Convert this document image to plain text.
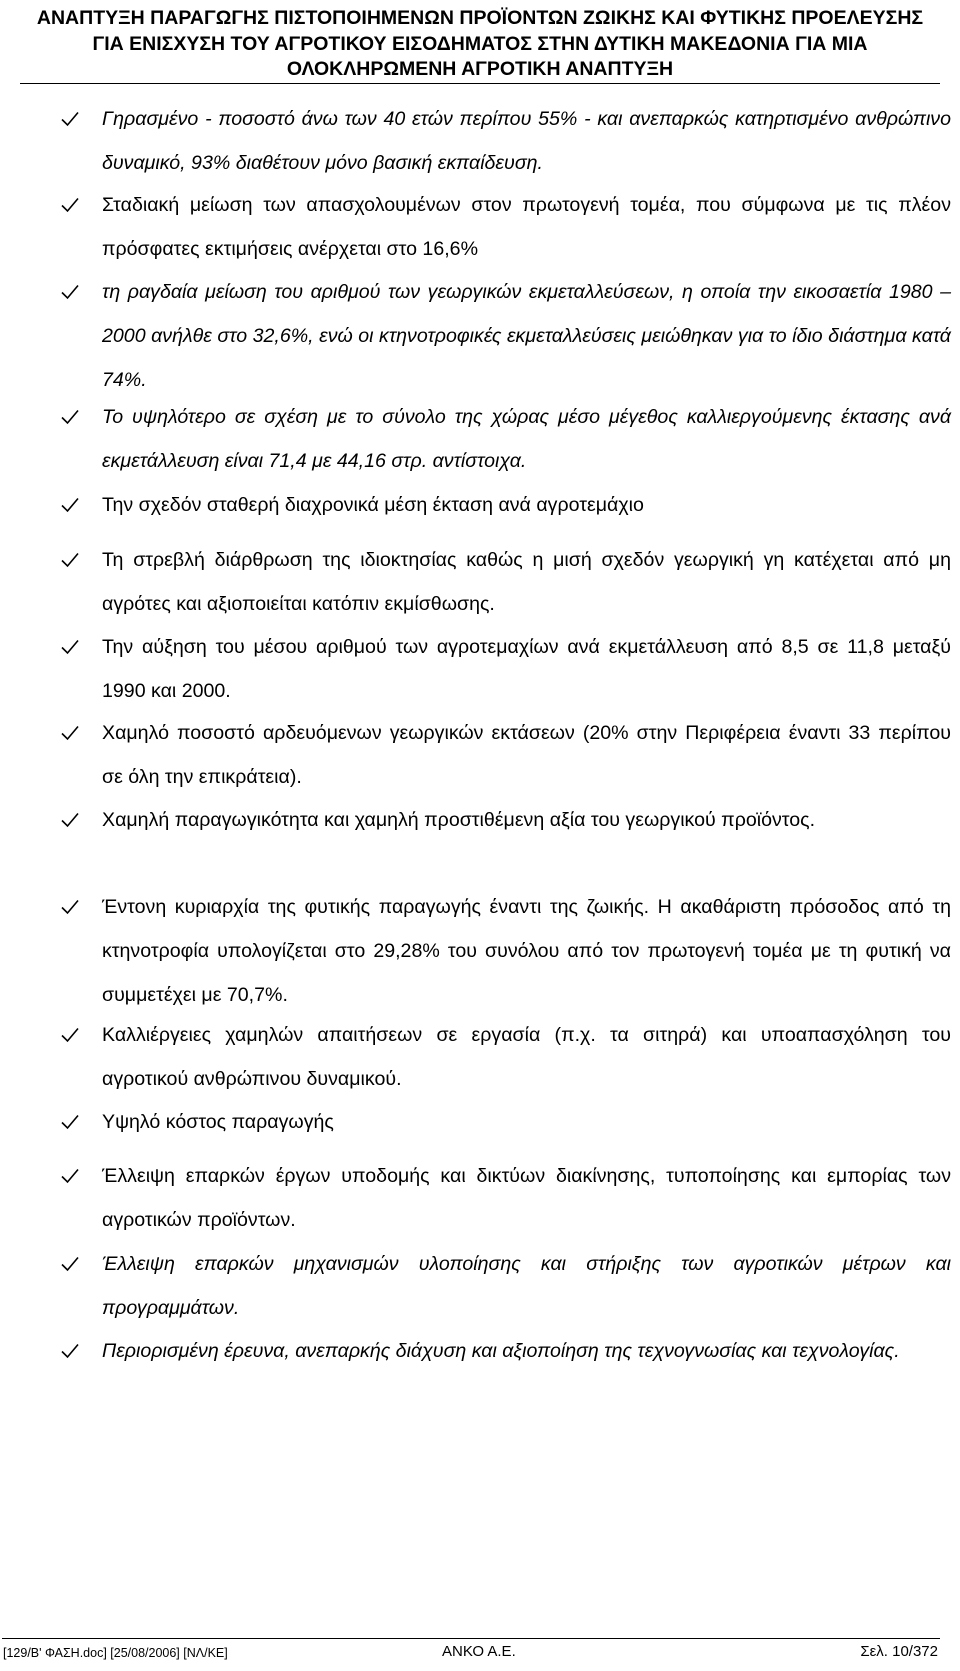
ΑΝΑΠΤΥΞΗ ΠΑΡΑΓΩΓΗΣ ΠΙΣΤΟΠΟΙΗΜΕΝΩΝ ΠΡΟΪΟΝΤΩΝ ΖΩΙΚΗΣ ΚΑΙ ΦΥΤΙΚΗΣ ΠΡΟΕΛΕΥΣΗΣ
ΓΙΑ ΕΝΙΣΧΥΣΗ ΤΟΥ ΑΓΡΟΤΙΚΟΥ ΕΙΣΟΔΗΜΑΤΟΣ ΣΤΗΝ ΔΥΤΙΚΗ ΜΑΚΕΔΟΝΙΑ ΓΙΑ ΜΙΑ
ΟΛΟΚΛΗΡΩΜΕΝΗ ΑΓΡΟΤΙΚΗ ΑΝΑΠΤΥΞΗ
Γηρασμένο - ποσοστό άνω των 40 ετών περίπου 55% - και ανεπαρκώς κατηρτισμένο ανθρώπινο δυναμικό, 93% διαθέτουν μόνο βασική εκπαίδευση.
Σταδιακή μείωση των απασχολουμένων στον πρωτογενή τομέα, που σύμφωνα με τις πλέον πρόσφατες εκτιμήσεις ανέρχεται στο 16,6%
τη ραγδαία μείωση του αριθμού των γεωργικών εκμεταλλεύσεων, η οποία την εικοσαετία 1980 – 2000 ανήλθε στο 32,6%, ενώ οι κτηνοτροφικές εκμεταλλεύσεις μειώθηκαν για το ίδιο διάστημα κατά 74%.
Το υψηλότερο σε σχέση με το σύνολο της χώρας μέσο μέγεθος καλλιεργούμενης έκτασης ανά εκμετάλλευση είναι 71,4 με 44,16 στρ. αντίστοιχα.
Την σχεδόν σταθερή διαχρονικά μέση έκταση ανά αγροτεμάχιο
Τη στρεβλή διάρθρωση της ιδιοκτησίας καθώς η μισή σχεδόν γεωργική γη κατέχεται από μη αγρότες και αξιοποιείται κατόπιν εκμίσθωσης.
Την αύξηση του μέσου αριθμού των αγροτεμαχίων ανά εκμετάλλευση από 8,5 σε 11,8 μεταξύ 1990 και 2000.
Χαμηλό ποσοστό αρδευόμενων γεωργικών εκτάσεων (20% στην Περιφέρεια έναντι 33 περίπου σε όλη την επικράτεια).
Χαμηλή παραγωγικότητα και χαμηλή προστιθέμενη αξία του γεωργικού προϊόντος.
Έντονη κυριαρχία της φυτικής παραγωγής έναντι της ζωικής. Η ακαθάριστη πρόσοδος από τη κτηνοτροφία υπολογίζεται στο 29,28% του συνόλου από τον πρωτογενή τομέα με τη φυτική να συμμετέχει με 70,7%.
Καλλιέργειες χαμηλών απαιτήσεων σε εργασία (π.χ. τα σιτηρά) και υποαπασχόληση του αγροτικού ανθρώπινου δυναμικού.
Υψηλό κόστος παραγωγής
Έλλειψη επαρκών έργων υποδομής και δικτύων διακίνησης, τυποποίησης και εμπορίας των αγροτικών προϊόντων.
Έλλειψη επαρκών μηχανισμών υλοποίησης και στήριξης των αγροτικών μέτρων και προγραμμάτων.
Περιορισμένη έρευνα, ανεπαρκής διάχυση και αξιοποίηση της τεχνογνωσίας και τεχνολογίας.
[129/Β' ΦΑΣΗ.doc] [25/08/2006] [ΝΛ/ΚΕ]	ΑΝΚΟ Α.Ε.	Σελ. 10/372
